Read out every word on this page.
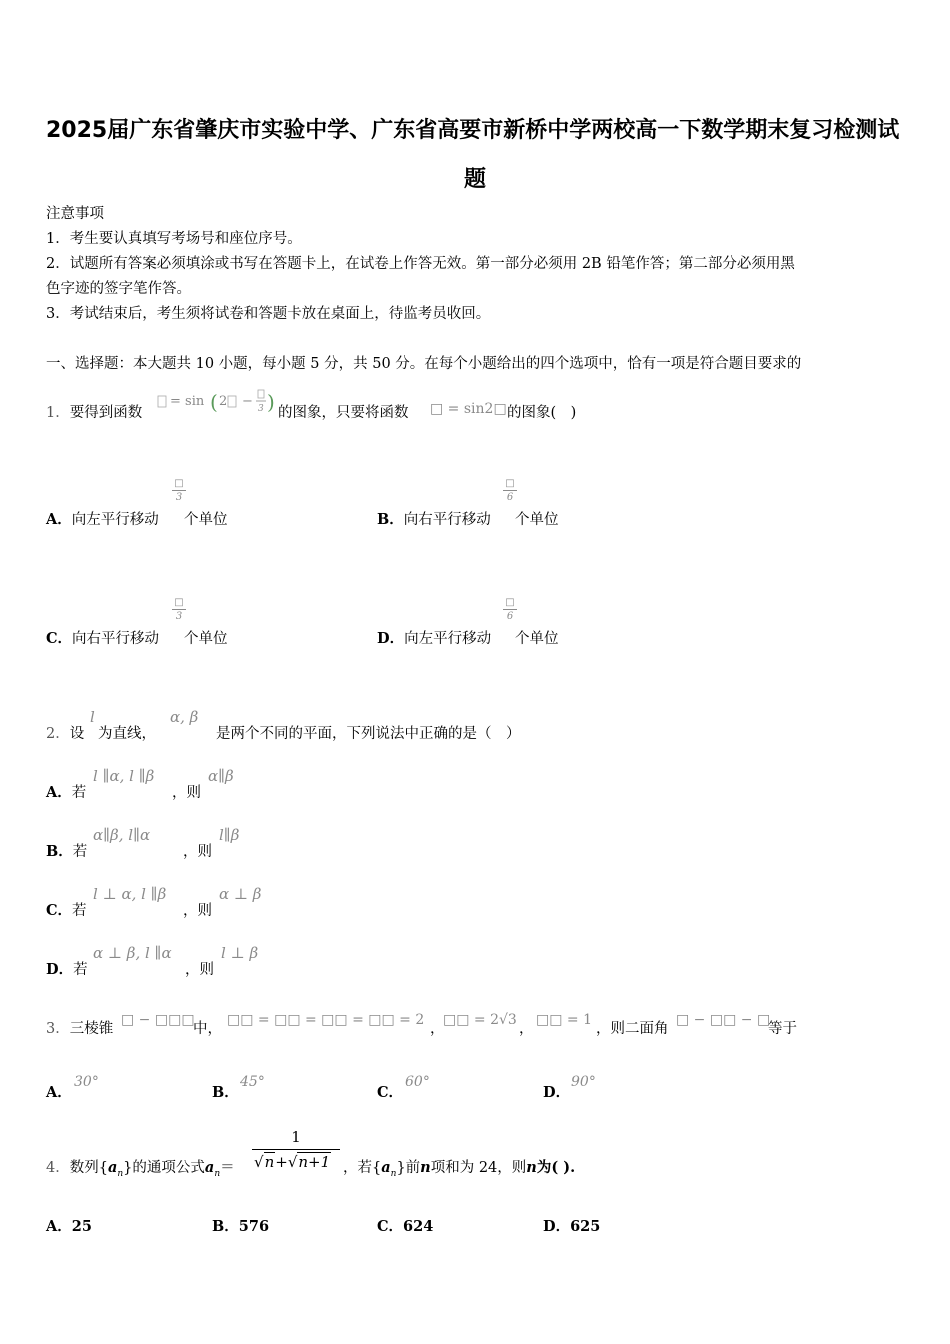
2025届广东省肇庆市实验中学、广东省高要市新桥中学两校高一下数学期末复习检测试
题
注意事项
1．考生要认真填写考场号和座位序号。
2．试题所有答案必须填涂或书写在答题卡上，在试卷上作答无效。第一部分必须用 2B 铅笔作答；第二部分必须用黑
色字迹的签字笔作答。
3．考试结束后，考生须将试卷和答题卡放在桌面上，待监考员收回。
一、选择题：本大题共 10 小题，每小题 5 分，共 50 分。在每个小题给出的四个选项中，恰有一项是符合题目要求的
1．要得到函数
= sin ( 2 − 3 ) 的图象，只要将函数 □ = sin2□ 的图象(　)
A．向左平行移动
□
3
个单位	B．向右平行移动
□
6
个单位
C．向右平行移动
□
3
个单位	D．向左平行移动
□
6
个单位
2．设
l
为直线，
α, β
是两个不同的平面，下列说法中正确的是（　）
A．若
l ∥α, l ∥β
，则
α∥β
B．若
α∥β, l∥α
，则
l∥β
C．若
l ⊥ α, l ∥β
，则
α ⊥ β
D．若
α ⊥ β, l ∥α
，则
l ⊥ β
3．三棱锥
□ − □□□
中，
□□ = □□ = □□ = □□ = 2
，
□□ = 2√3
，
□□ = 1
，则二面角
□ − □□ − □
等于
A．
30°
B．
45°
C．
60°
D．
90°
4．数列$\{a_n\}$的通项公式$a_n=$
1
√n+√n+1 ，若$\{a_n\}$前n项和为 24，则n为( ).
A．25	B．576	C．624	D．625
